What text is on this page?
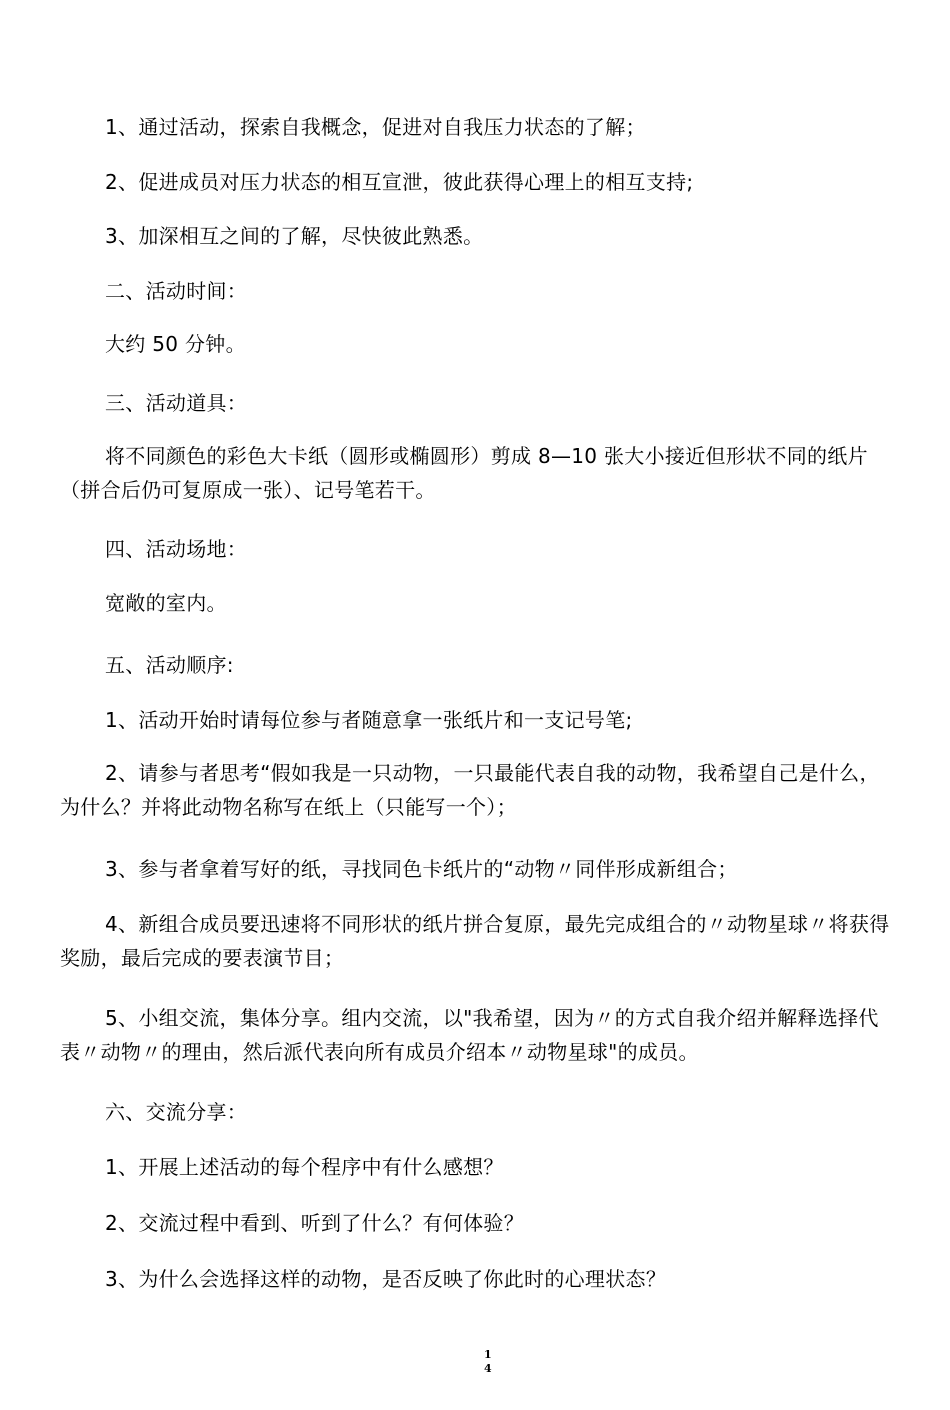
1、通过活动，探索自我概念，促进对自我压力状态的了解；

2、促进成员对压力状态的相互宣泄，彼此获得心理上的相互支持;

3、加深相互之间的了解，尽快彼此熟悉。

二、活动时间：

大约 50 分钟。

三、活动道具：

将不同颜色的彩色大卡纸（圆形或椭圆形）剪成 8—10 张大小接近但形状不同的纸片（拼合后仍可复原成一张）、记号笔若干。

四、活动场地：

宽敞的室内。

五、活动顺序:

1、活动开始时请每位参与者随意拿一张纸片和一支记号笔;

2、请参与者思考“假如我是一只动物，一只最能代表自我的动物，我希望自己是什么，为什么？并将此动物名称写在纸上（只能写一个）；

3、参与者拿着写好的纸，寻找同色卡纸片的“动物〃同伴形成新组合；

4、新组合成员要迅速将不同形状的纸片拼合复原，最先完成组合的〃动物星球〃将获得奖励，最后完成的要表演节目；

5、小组交流，集体分享。组内交流，以"我希望，因为〃的方式自我介绍并解释选择代表〃动物〃的理由，然后派代表向所有成员介绍本〃动物星球"的成员。

六、交流分享：

1、开展上述活动的每个程序中有什么感想？

2、交流过程中看到、听到了什么？有何体验？

3、为什么会选择这样的动物，是否反映了你此时的心理状态？

1
4
